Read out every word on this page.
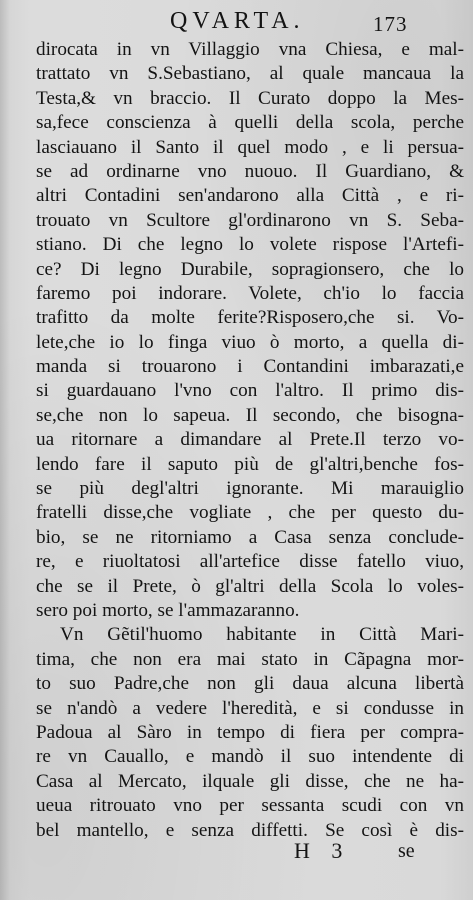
QVARTA.	173
dirocata in vn Villaggio vna Chiesa, e mal-
trattato vn S.Sebastiano, al quale mancaua la
Testa,& vn braccio. Il Curato doppo la Mes-
sa,fece conscienza à quelli della scola, perche
lasciauano il Santo il quel modo , e li persua-
se ad ordinarne vno nuouo. Il Guardiano, &
altri Contadini sen'andarono alla Città , e ri-
trouato vn Scultore gl'ordinarono vn S. Seba-
stiano. Di che legno lo volete rispose l'Artefi-
ce? Di legno Durabile, sopragionsero, che lo
faremo poi indorare. Volete, ch'io lo faccia
trafitto da molte ferite?Risposero,che si. Vo-
lete,che io lo finga viuo ò morto, a quella di-
manda si trouarono i Contandini imbarazati,e
si guardauano l'vno con l'altro. Il primo dis-
se,che non lo sapeua. Il secondo, che bisogna-
ua ritornare a dimandare al Prete.Il terzo vo-
lendo fare il saputo più de gl'altri,benche fos-
se più degl'altri ignorante. Mi marauiglio
fratelli disse,che vogliate , che per questo du-
bio, se ne ritorniamo a Casa senza conclude-
re, e riuoltatosi all'artefice disse fatello viuo,
che se il Prete, ò gl'altri della Scola lo voles-
sero poi morto, se l'ammazaranno.
Vn Gẽtil'huomo habitante in Città Mari-
tima, che non era mai stato in Cãpagna mor-
to suo Padre,che non gli daua alcuna libertà
se n'andò a vedere l'heredità, e si condusse in
Padoua al Sàro in tempo di fiera per compra-
re vn Cauallo, e mandò il suo intendente di
Casa al Mercato, ilquale gli disse, che ne ha-
ueua ritrouato vno per sessanta scudi con vn
bel mantello, e senza diffetti. Se così è dis-
H 3 se
